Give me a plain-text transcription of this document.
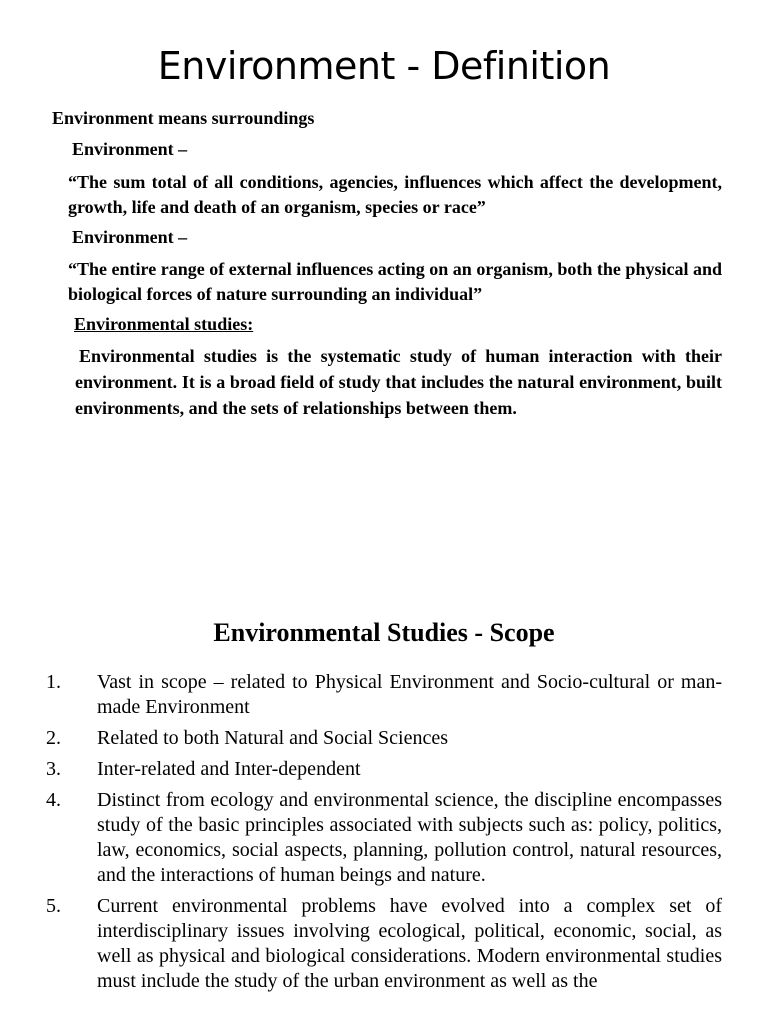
Environment - Definition
Environment means surroundings
Environment –
“The sum total of all conditions, agencies, influences which affect the development, growth, life and death of an organism, species or race”
Environment –
“The entire range of external influences acting on an organism, both the physical and biological forces of nature surrounding an individual”
Environmental studies:
Environmental studies is the systematic study of human interaction with their environment. It is a broad field of study that includes the natural environment, built environments, and the sets of relationships between them.
Environmental Studies - Scope
1. Vast in scope – related to Physical Environment and Socio-cultural or man-made Environment
2. Related to both Natural and Social Sciences
3. Inter-related and Inter-dependent
4. Distinct from ecology and environmental science, the discipline encompasses study of the basic principles associated with subjects such as: policy, politics, law, economics, social aspects, planning, pollution control, natural resources, and the interactions of human beings and nature.
5. Current environmental problems have evolved into a complex set of interdisciplinary issues involving ecological, political, economic, social, as well as physical and biological considerations. Modern environmental studies must include the study of the urban environment as well as the
